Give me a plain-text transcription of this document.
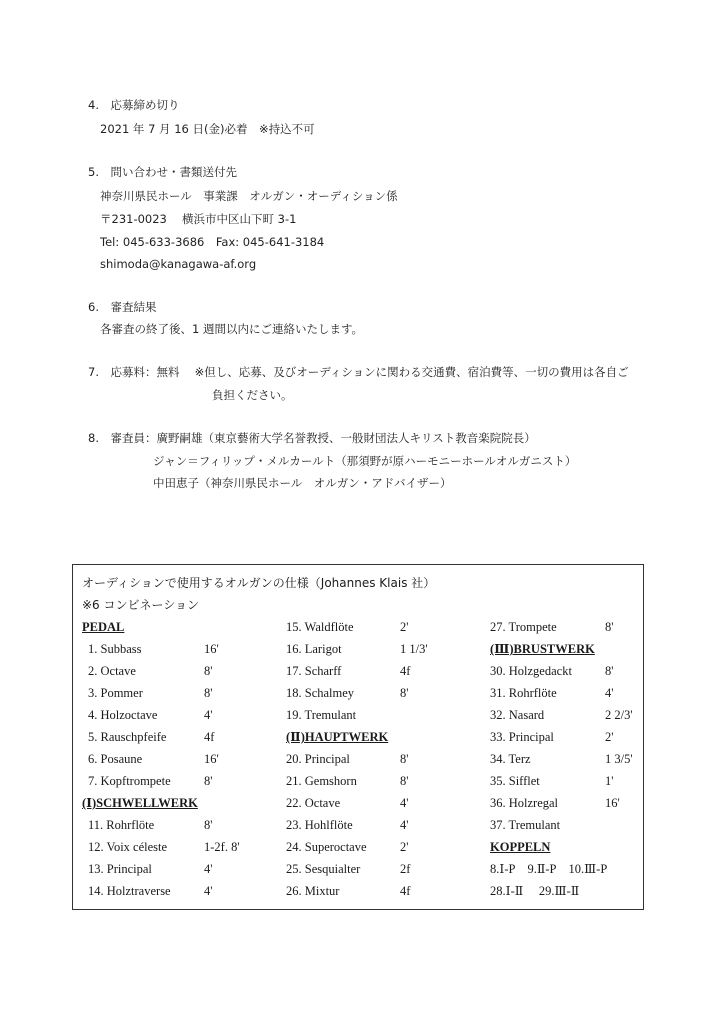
4.　応募締め切り
2021 年 7 月 16 日(金)必着　※持込不可
5.　問い合わせ・書類送付先
神奈川県民ホール　事業課　オルガン・オーディション係
〒231-0023　 横浜市中区山下町 3-1
Tel: 045-633-3686　Fax: 045-641-3184
shimoda@kanagawa-af.org
6.　審査結果
各審査の終了後、1 週間以内にご連絡いたします。
7.　応募料：無料　 ※但し、応募、及びオーディションに関わる交通費、宿泊費等、一切の費用は各自ご
負担ください。
8.　審査員：廣野嗣雄（東京藝術大学名誉教授、一般財団法人キリスト教音楽院院長）
ジャン＝フィリップ・メルカールト（那須野が原ハーモニーホールオルガニスト）
中田恵子（神奈川県民ホール　オルガン・アドバイザー）
オーディションで使用するオルガンの仕様（Johannes Klais 社）
※6 コンビネーション
PEDAL
1. Subbass	16'
2. Octave	8'
3. Pommer	8'
4. Holzoctave	4'
5. Rauschpfeife	4f
6. Posaune	16'
7. Kopftrompete	8'
(Ⅰ)SCHWELLWERK
11. Rohrflöte	8'
12. Voix céleste	1-2f. 8'
13. Principal	4'
14. Holztraverse	4'
15. Waldflöte	2'
16. Larigot	1 1/3'
17. Scharff	4f
18. Schalmey	8'
19. Tremulant
(Ⅱ)HAUPTWERK
20. Principal	8'
21. Gemshorn	8'
22. Octave	4'
23. Hohlflöte	4'
24. Superoctave	2'
25. Sesquialter	2f
26. Mixtur	4f
27. Trompete	8'
(Ⅲ)BRUSTWERK
30. Holzgedackt	8'
31. Rohrflöte	4'
32. Nasard	2 2/3'
33. Principal	2'
34. Terz	1 3/5'
35. Sifflet	1'
36. Holzregal	16'
37. Tremulant
KOPPELN
8.Ⅰ-P　9.Ⅱ-P　10.Ⅲ-P
28.Ⅰ-Ⅱ　 29.Ⅲ-Ⅱ
